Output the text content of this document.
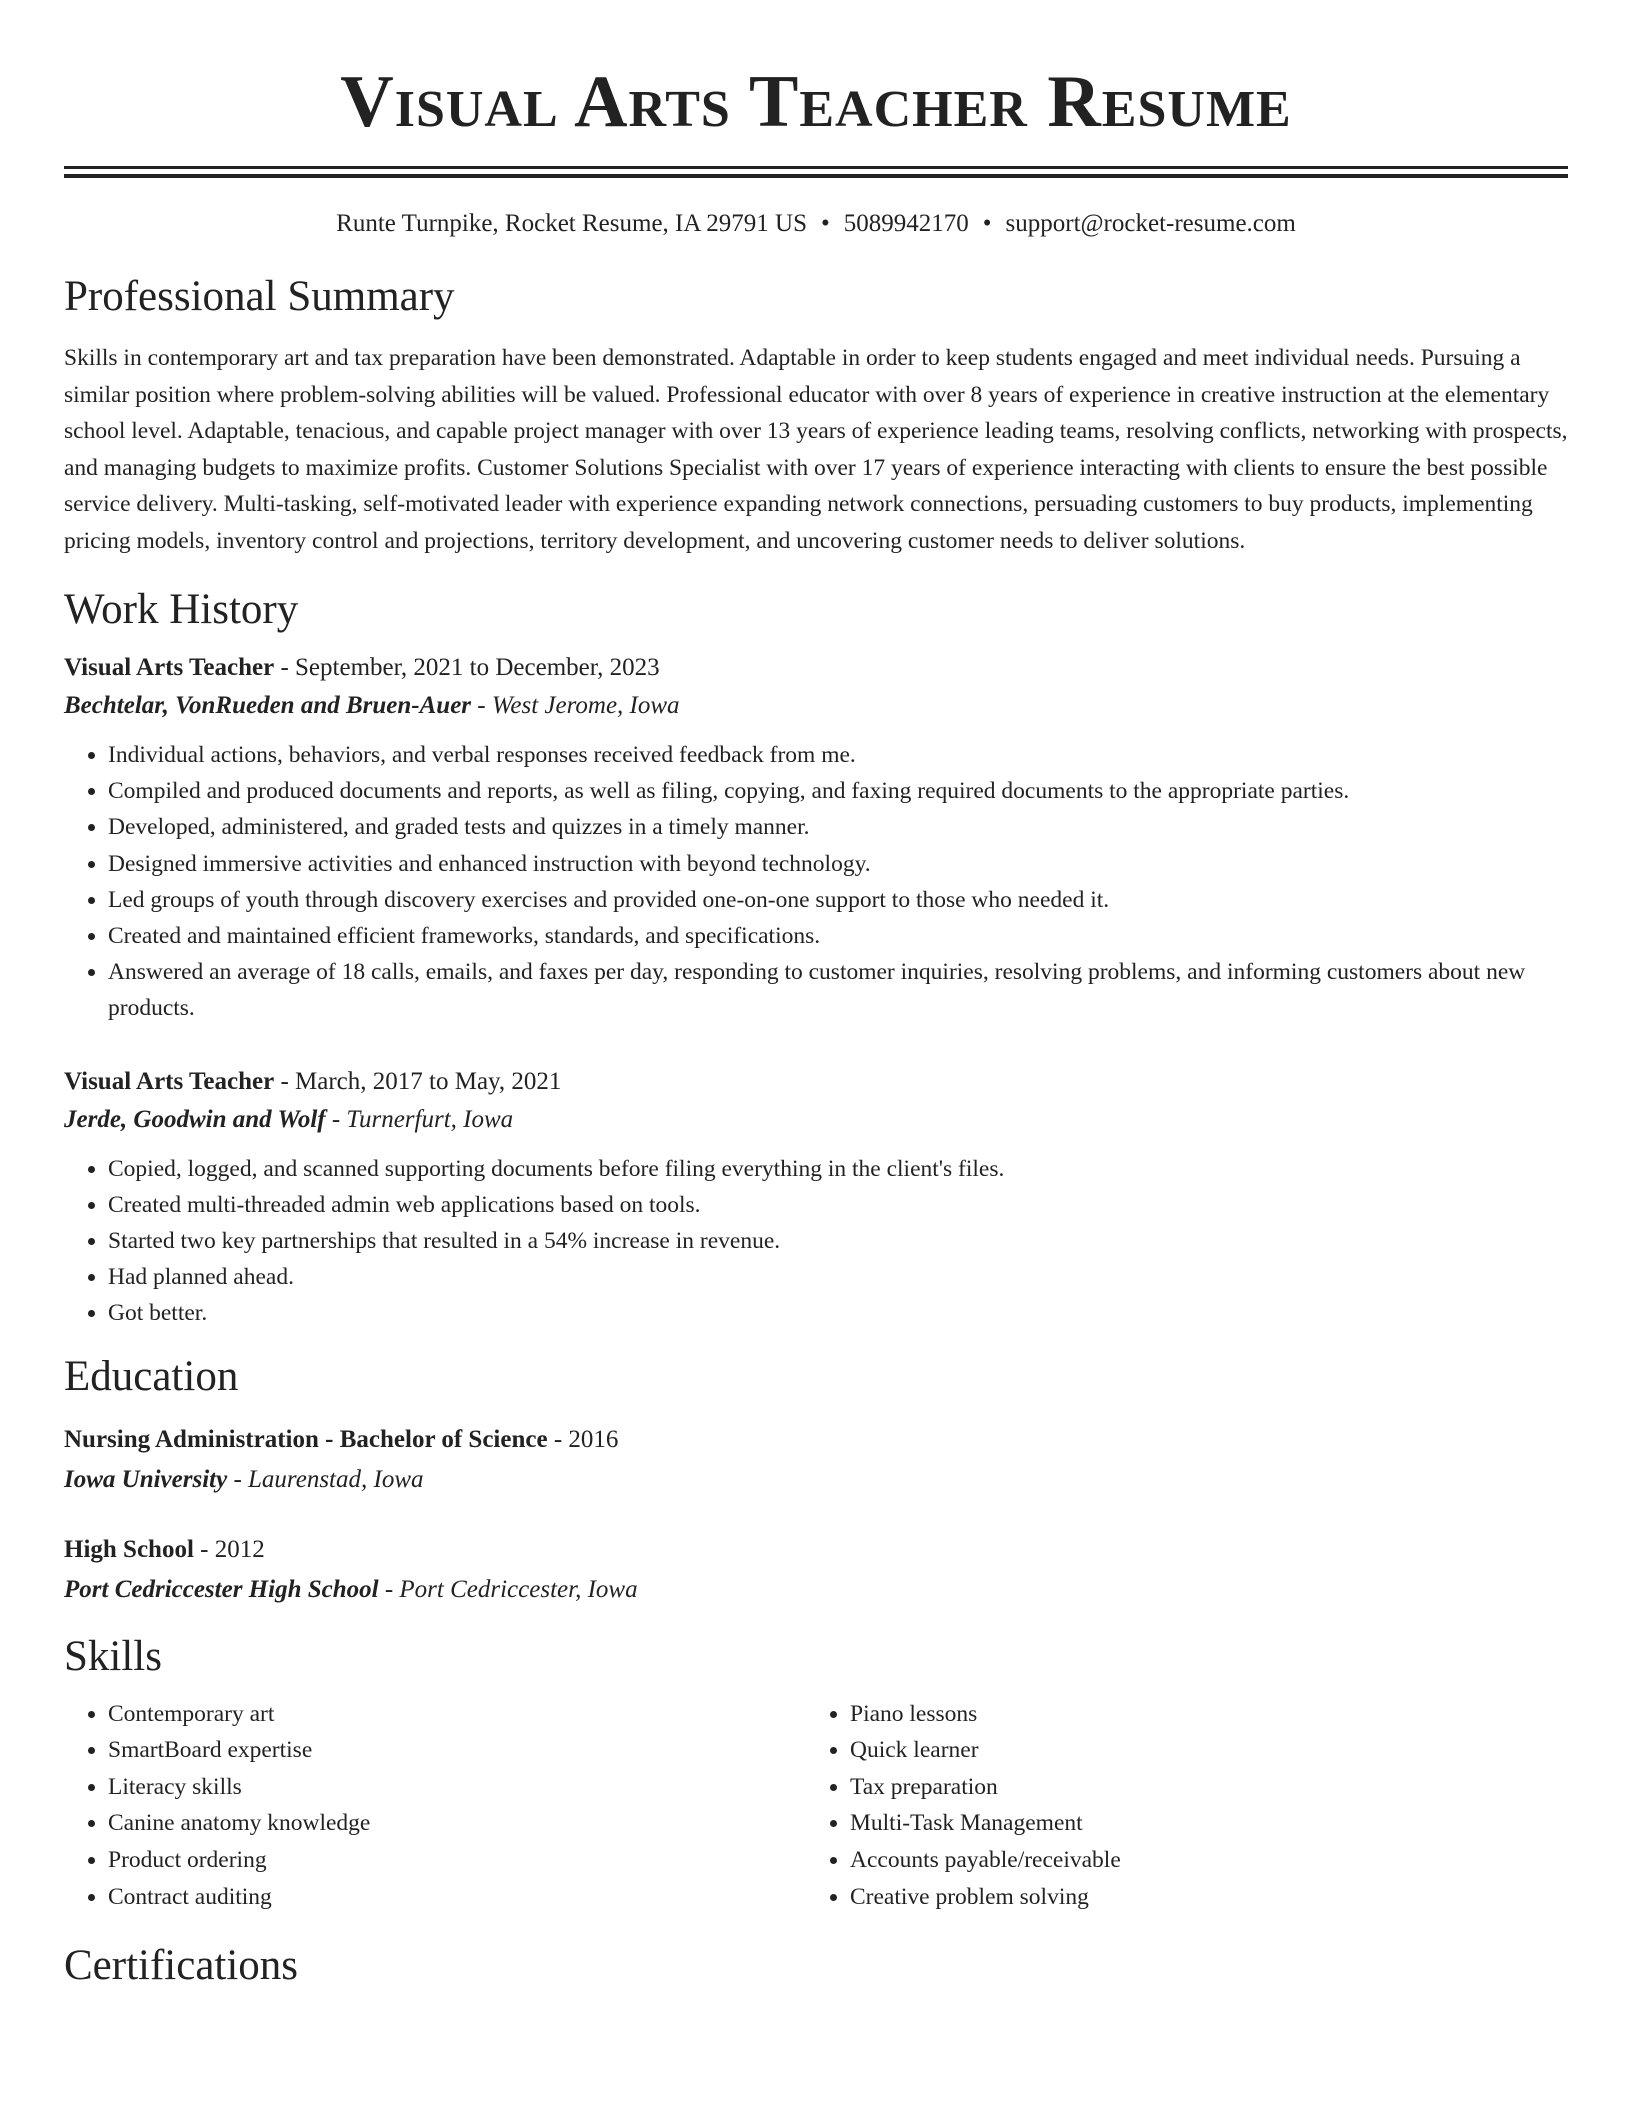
Visual Arts Teacher Resume
Runte Turnpike, Rocket Resume, IA 29791 US • 5089942170 • support@rocket-resume.com
Professional Summary
Skills in contemporary art and tax preparation have been demonstrated. Adaptable in order to keep students engaged and meet individual needs. Pursuing a similar position where problem-solving abilities will be valued. Professional educator with over 8 years of experience in creative instruction at the elementary school level. Adaptable, tenacious, and capable project manager with over 13 years of experience leading teams, resolving conflicts, networking with prospects, and managing budgets to maximize profits. Customer Solutions Specialist with over 17 years of experience interacting with clients to ensure the best possible service delivery. Multi-tasking, self-motivated leader with experience expanding network connections, persuading customers to buy products, implementing pricing models, inventory control and projections, territory development, and uncovering customer needs to deliver solutions.
Work History
Visual Arts Teacher - September, 2021 to December, 2023
Bechtelar, VonRueden and Bruen-Auer - West Jerome, Iowa
• Individual actions, behaviors, and verbal responses received feedback from me.
• Compiled and produced documents and reports, as well as filing, copying, and faxing required documents to the appropriate parties.
• Developed, administered, and graded tests and quizzes in a timely manner.
• Designed immersive activities and enhanced instruction with beyond technology.
• Led groups of youth through discovery exercises and provided one-on-one support to those who needed it.
• Created and maintained efficient frameworks, standards, and specifications.
• Answered an average of 18 calls, emails, and faxes per day, responding to customer inquiries, resolving problems, and informing customers about new products.
Visual Arts Teacher - March, 2017 to May, 2021
Jerde, Goodwin and Wolf - Turnerfurt, Iowa
• Copied, logged, and scanned supporting documents before filing everything in the client's files.
• Created multi-threaded admin web applications based on tools.
• Started two key partnerships that resulted in a 54% increase in revenue.
• Had planned ahead.
• Got better.
Education
Nursing Administration - Bachelor of Science - 2016
Iowa University - Laurenstad, Iowa
High School - 2012
Port Cedriccester High School - Port Cedriccester, Iowa
Skills
• Contemporary art
• SmartBoard expertise
• Literacy skills
• Canine anatomy knowledge
• Product ordering
• Contract auditing
• Piano lessons
• Quick learner
• Tax preparation
• Multi-Task Management
• Accounts payable/receivable
• Creative problem solving
Certifications
